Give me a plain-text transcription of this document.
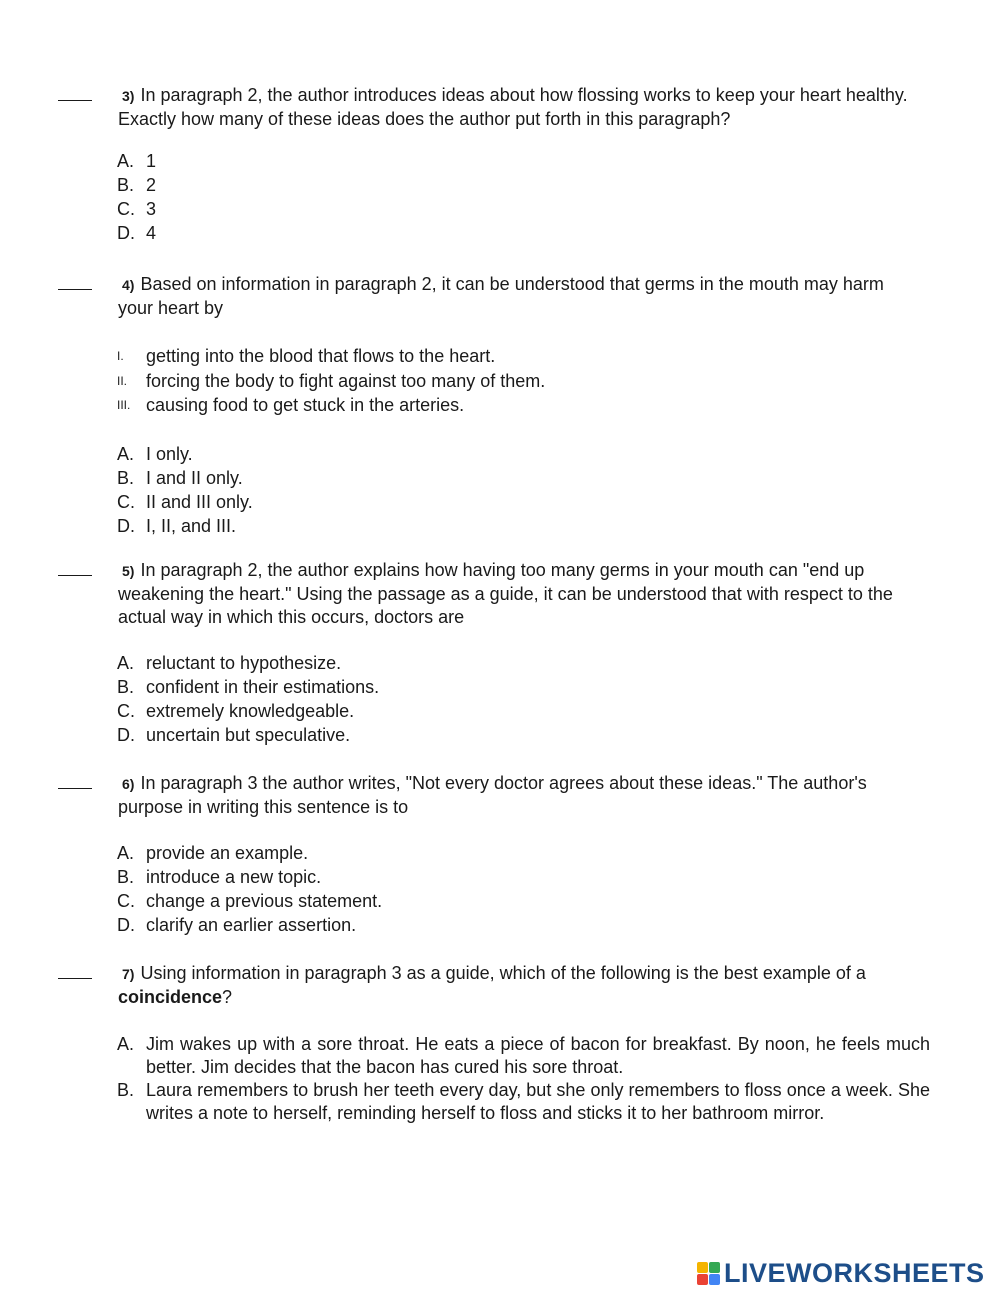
3) In paragraph 2, the author introduces ideas about how flossing works to keep your heart healthy. Exactly how many of these ideas does the author put forth in this paragraph?
A. 1
B. 2
C. 3
D. 4
4) Based on information in paragraph 2, it can be understood that germs in the mouth may harm your heart by
I.	getting into the blood that flows to the heart.
II.	forcing the body to fight against too many of them.
III. causing food to get stuck in the arteries.
A. I only.
B. I and II only.
C. II and III only.
D. I, II, and III.
5) In paragraph 2, the author explains how having too many germs in your mouth can "end up weakening the heart." Using the passage as a guide, it can be understood that with respect to the actual way in which this occurs, doctors are
A. reluctant to hypothesize.
B. confident in their estimations.
C. extremely knowledgeable.
D. uncertain but speculative.
6) In paragraph 3 the author writes, "Not every doctor agrees about these ideas." The author's purpose in writing this sentence is to
A. provide an example.
B. introduce a new topic.
C. change a previous statement.
D. clarify an earlier assertion.
7) Using information in paragraph 3 as a guide, which of the following is the best example of a coincidence?
A. Jim wakes up with a sore throat. He eats a piece of bacon for breakfast. By noon, he feels much better. Jim decides that the bacon has cured his sore throat.
B. Laura remembers to brush her teeth every day, but she only remembers to floss once a week. She writes a note to herself, reminding herself to floss and sticks it to her bathroom mirror.
LIVEWORKSHEETS
